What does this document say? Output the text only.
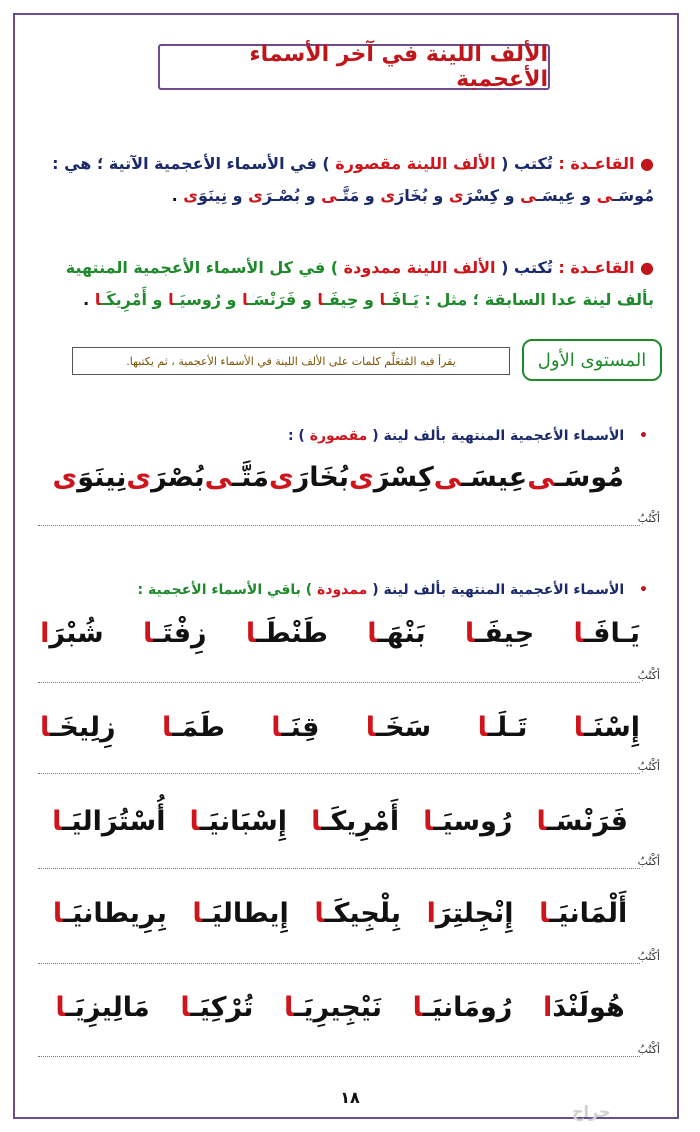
الألف اللينة في آخر الأسماء الأعجمية
● القاعـدة : تُكتب ( الألف اللينة مقصورة ) في الأسماء الأعجمية الآتية ؛ هي :
مُوسَـى و عِيسَـى و كِسْرَى و بُخَارَى و مَتَّـى و بُصْـرَى و نِينَوَى .
● القاعـدة : تُكتب ( الألف اللينة ممدودة ) في كل الأسماء الأعجمية المنتهية
بألف لينة عدا السابقة ؛ مثل : يَـافَـا و حِيفَـا و فَرَنْسَـا و رُوسيَـا و أَمْرِيكَـا .
المستوى الأول
يقرأ فيه المُتعَلِّم كلمات على الألف اللينة في الأسماء الأعجمية ، ثم يكتبها.
• الأسماء الأعجمية المنتهية بألف لينة ( مقصورة ) :
مُوسَـى
عِيسَـى
كِسْرَى
بُخَارَى
مَتَّـى
بُصْرَى
نِينَوَى
أكْتُبُ
• الأسماء الأعجمية المنتهية بألف لينة ( ممدودة ) باقي الأسماء الأعجمية :
يَـافَـا
حِيفَـا
بَنْهَـا
طَنْطَـا
زِفْتَـا
شُبْرَا
أكْتُبُ
إِسْنَـا
تَـلَـا
سَخَـا
قِنَـا
طَمَـا
زِلِيخَـا
أكْتُبُ
فَرَنْسَـا
رُوسيَـا
أَمْرِيكَـا
إِسْبَانيَـا
أُسْتُرَاليَـا
أكْتُبُ
أَلْمَانيَـا
إِنْجِلتِرَا
بِلْجِيكَـا
إِيطاليَـا
بِرِيطانيَـا
أكْتُبُ
هُولَنْدَا
رُومَانيَـا
نَيْجِيرِيَـا
تُرْكِيَـا
مَالِيزِيَـا
أكْتُبُ
١٨
حراج
